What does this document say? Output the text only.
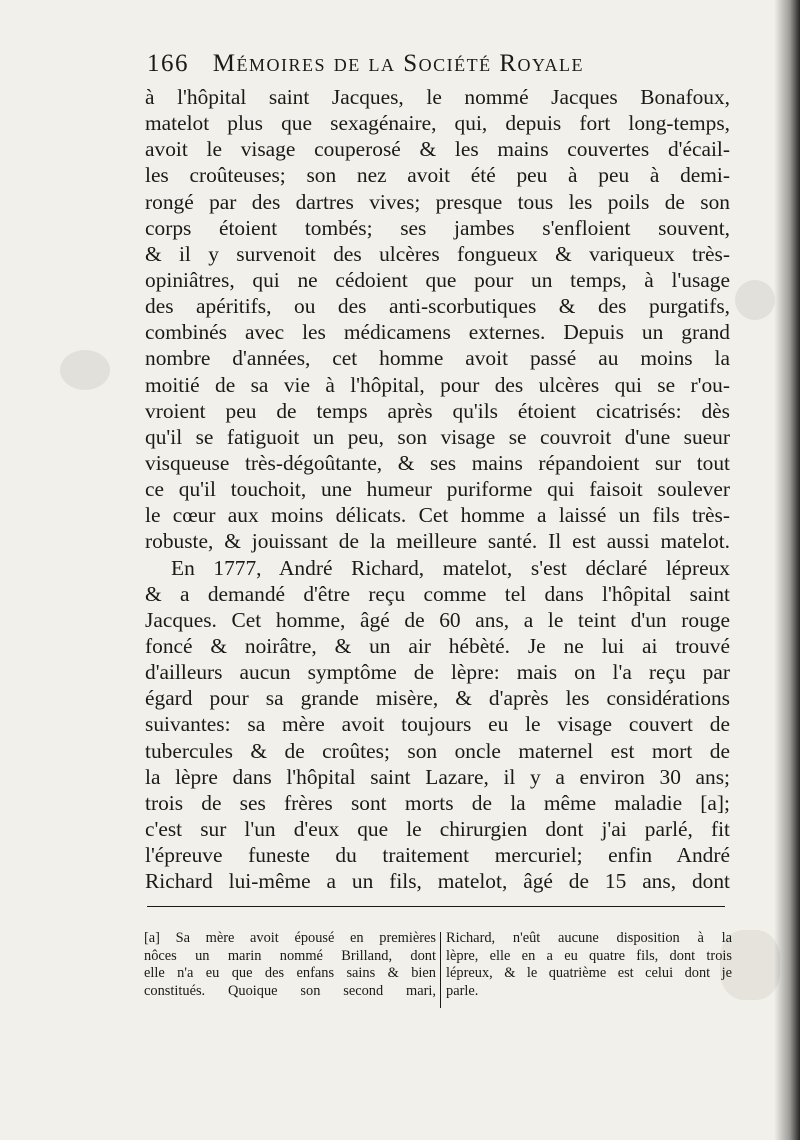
166 Mémoires de la Société Royale
à l'hôpital saint Jacques, le nommé Jacques Bonafoux,
matelot plus que sexagénaire, qui, depuis fort long-temps,
avoit le visage couperosé & les mains couvertes d'écail-
les croûteuses; son nez avoit été peu à peu à demi-
rongé par des dartres vives; presque tous les poils de son
corps étoient tombés; ses jambes s'enfloient souvent,
& il y survenoit des ulcères fongueux & variqueux très-
opiniâtres, qui ne cédoient que pour un temps, à l'usage
des apéritifs, ou des anti-scorbutiques & des purgatifs,
combinés avec les médicamens externes. Depuis un grand
nombre d'années, cet homme avoit passé au moins la
moitié de sa vie à l'hôpital, pour des ulcères qui se r'ou-
vroient peu de temps après qu'ils étoient cicatrisés: dès
qu'il se fatiguoit un peu, son visage se couvroit d'une sueur
visqueuse très-dégoûtante, & ses mains répandoient sur tout
ce qu'il touchoit, une humeur puriforme qui faisoit soulever
le cœur aux moins délicats. Cet homme a laissé un fils très-
robuste, & jouissant de la meilleure santé. Il est aussi matelot.
En 1777, André Richard, matelot, s'est déclaré lépreux
& a demandé d'être reçu comme tel dans l'hôpital saint
Jacques. Cet homme, âgé de 60 ans, a le teint d'un rouge
foncé & noirâtre, & un air hébèté. Je ne lui ai trouvé
d'ailleurs aucun symptôme de lèpre: mais on l'a reçu par
égard pour sa grande misère, & d'après les considérations
suivantes: sa mère avoit toujours eu le visage couvert de
tubercules & de croûtes; son oncle maternel est mort de
la lèpre dans l'hôpital saint Lazare, il y a environ 30 ans;
trois de ses frères sont morts de la même maladie [a];
c'est sur l'un d'eux que le chirurgien dont j'ai parlé, fit
l'épreuve funeste du traitement mercuriel; enfin André
Richard lui-même a un fils, matelot, âgé de 15 ans, dont
[a] Sa mère avoit épousé en premières
nôces un marin nommé Brilland, dont
elle n'a eu que des enfans sains & bien
constitués. Quoique son second mari,
Richard, n'eût aucune disposition à la
lèpre, elle en a eu quatre fils, dont trois
lépreux, & le quatrième est celui dont je
parle.
